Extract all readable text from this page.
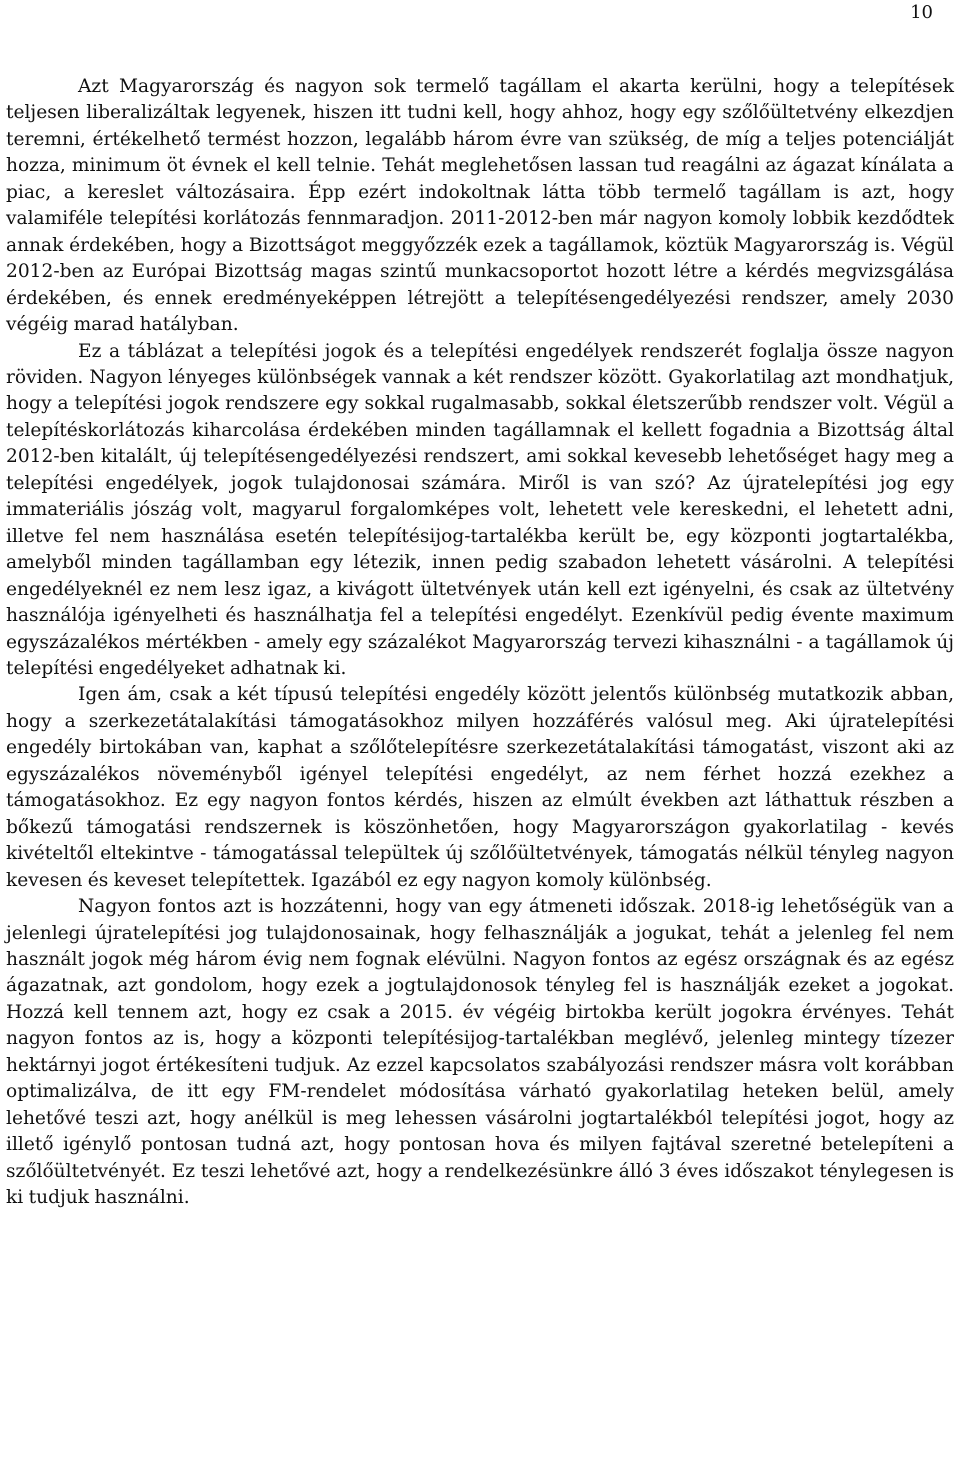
10

Azt Magyarország és nagyon sok termelő tagállam el akarta kerülni, hogy a telepítések teljesen liberalizáltak legyenek, hiszen itt tudni kell, hogy ahhoz, hogy egy szőlőültetvény elkezdjen teremni, értékelhető termést hozzon, legalább három évre van szükség, de míg a teljes potenciálját hozza, minimum öt évnek el kell telnie. Tehát meglehetősen lassan tud reagálni az ágazat kínálata a piac, a kereslet változásaira. Épp ezért indokoltnak látta több termelő tagállam is azt, hogy valamiféle telepítési korlátozás fennmaradjon. 2011-2012-ben már nagyon komoly lobbik kezdődtek annak érdekében, hogy a Bizottságot meggyőzzék ezek a tagállamok, köztük Magyarország is. Végül 2012-ben az Európai Bizottság magas szintű munkacsoportot hozott létre a kérdés megvizsgálása érdekében, és ennek eredményeképpen létrejött a telepítésengedélyezési rendszer, amely 2030 végéig marad hatályban.

Ez a táblázat a telepítési jogok és a telepítési engedélyek rendszerét foglalja össze nagyon röviden. Nagyon lényeges különbségek vannak a két rendszer között. Gyakorlatilag azt mondhatjuk, hogy a telepítési jogok rendszere egy sokkal rugalmasabb, sokkal életszerűbb rendszer volt. Végül a telepítéskorlátozás kiharcolása érdekében minden tagállamnak el kellett fogadnia a Bizottság által 2012-ben kitalált, új telepítésengedélyezési rendszert, ami sokkal kevesebb lehetőséget hagy meg a telepítési engedélyek, jogok tulajdonosai számára. Miről is van szó? Az újratelepítési jog egy immateriális jószág volt, magyarul forgalomképes volt, lehetett vele kereskedni, el lehetett adni, illetve fel nem használása esetén telepítésijog-tartalékba került be, egy központi jogtartalékba, amelyből minden tagállamban egy létezik, innen pedig szabadon lehetett vásárolni. A telepítési engedélyeknél ez nem lesz igaz, a kivágott ültetvények után kell ezt igényelni, és csak az ültetvény használója igényelheti és használhatja fel a telepítési engedélyt. Ezenkívül pedig évente maximum egyszázalékos mértékben - amely egy százalékot Magyarország tervezi kihasználni - a tagállamok új telepítési engedélyeket adhatnak ki.

Igen ám, csak a két típusú telepítési engedély között jelentős különbség mutatkozik abban, hogy a szerkezetátalakítási támogatásokhoz milyen hozzáférés valósul meg. Aki újratelepítési engedély birtokában van, kaphat a szőlőtelepítésre szerkezetátalakítási támogatást, viszont aki az egyszázalékos növeményből igényel telepítési engedélyt, az nem férhet hozzá ezekhez a támogatásokhoz. Ez egy nagyon fontos kérdés, hiszen az elmúlt években azt láthattuk részben a bőkezű támogatási rendszernek is köszönhetően, hogy Magyarországon gyakorlatilag - kevés kivételtől eltekintve - támogatással települtek új szőlőültetvények, támogatás nélkül tényleg nagyon kevesen és keveset telepítettek. Igazából ez egy nagyon komoly különbség.

Nagyon fontos azt is hozzátenni, hogy van egy átmeneti időszak. 2018-ig lehetőségük van a jelenlegi újratelepítési jog tulajdonosainak, hogy felhasználják a jogukat, tehát a jelenleg fel nem használt jogok még három évig nem fognak elévülni. Nagyon fontos az egész országnak és az egész ágazatnak, azt gondolom, hogy ezek a jogtulajdonosok tényleg fel is használják ezeket a jogokat. Hozzá kell tennem azt, hogy ez csak a 2015. év végéig birtokba került jogokra érvényes. Tehát nagyon fontos az is, hogy a központi telepítésijog-tartalékban meglévő, jelenleg mintegy tízezer hektárnyi jogot értékesíteni tudjuk. Az ezzel kapcsolatos szabályozási rendszer másra volt korábban optimalizálva, de itt egy FM-rendelet módosítása várható gyakorlatilag heteken belül, amely lehetővé teszi azt, hogy anélkül is meg lehessen vásárolni jogtartalékból telepítési jogot, hogy az illető igénylő pontosan tudná azt, hogy pontosan hova és milyen fajtával szeretné betelepíteni a szőlőültetvényét. Ez teszi lehetővé azt, hogy a rendelkezésünkre álló 3 éves időszakot ténylegesen is ki tudjuk használni.
